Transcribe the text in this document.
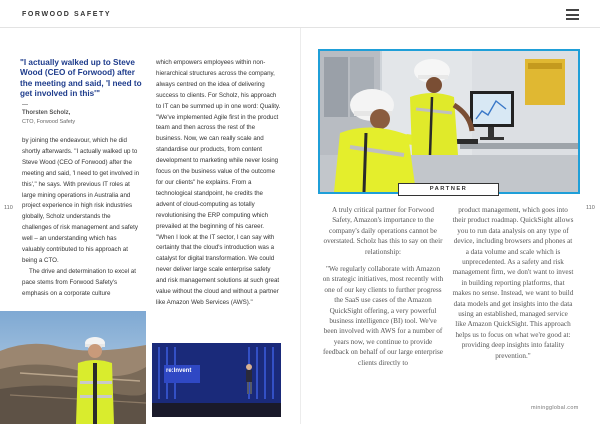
FORWOOD SAFETY
110	110
"I actually walked up to Steve Wood (CEO of Forwood) after the meeting and said, 'I need to get involved in this'"
Thorsten Scholz,
CTO, Forwood Safety

by joining the endeavour, which he did shortly afterwards. "I actually walked up to Steve Wood (CEO of Forwood) after the meeting and said, 'I need to get involved in this'," he says. With previous IT roles at large mining operations in Australia and project experience in high risk industries globally, Scholz understands the challenges of risk management and safety well – an understanding which has valuably contributed to his approach at being a CTO.

The drive and determination to excel at pace stems from Forwood Safety's emphasis on a corporate culture

which empowers employees within non-hierarchical structures across the company, always centred on the idea of delivering success to clients. For Scholz, his approach to IT can be summed up in one word: Quality. "We've implemented Agile first in the product team and then across the rest of the business. Now, we can really scale and standardise our products, from content development to marketing while never losing focus on the business value of the outcome for our clients" he explains. From a technological standpoint, he credits the advent of cloud-computing as totally revolutionising the ERP computing which prevailed at the beginning of his career. "When I look at the IT sector, I can say with certainty that the cloud's introduction was a catalyst for digital transformation. We could never deliver large scale enterprise safety and risk management solutions at such great value without the cloud and without a partner like Amazon Web Services (AWS)."

re:Invent
PARTNER

A truly critical partner for Forwood Safety, Amazon's importance to the company's daily operations cannot be overstated. Scholz has this to say on their relationship:

"We regularly collaborate with Amazon on strategic initiatives, most recently with one of our key clients to further progress the SaaS use cases of the Amazon QuickSight offering, a very powerful business intelligence (BI) tool. We've been involved with AWS for a number of years now, we continue to provide feedback on behalf of our large enterprise clients directly to

product management, which goes into their product roadmap. QuickSight allows you to run data analysis on any type of device, including browsers and phones at a data volume and scale which is unprecedented. As a safety and risk management firm, we don't want to invest in building reporting platforms, that makes no sense. Instead, we want to build data models and get insights into the data using an established, managed service like Amazon QuickSight. This approach helps us to focus on what we're good at: providing deep insights into fatality prevention."

miningglobal.com
